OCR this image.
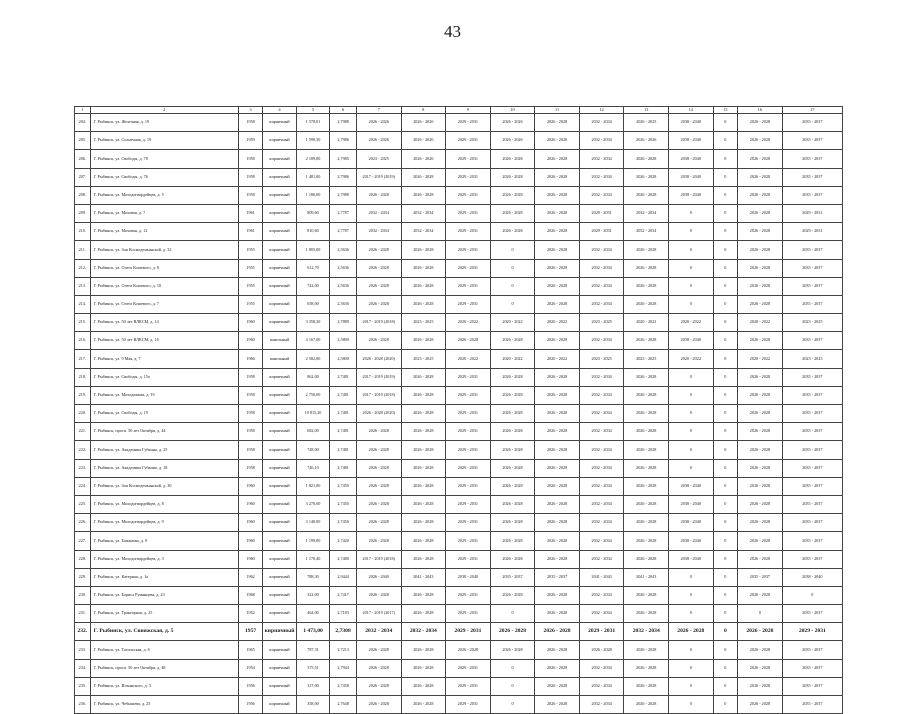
43
1	2	3	4	5	6	7	8	9	10	11	12	13	14	15	16	17
204.	Г. Рыбинск, ул. Железная, д. 19	1958	кирпичный	1 578,01	2,7988	2026 - 2026	2026 - 2026	2029 - 2031	2026 - 2026	2026 - 2028	2032 - 2034	2026 - 2025	2038 - 2040	0	2026 - 2028	2035 - 2037
205.	Г. Рыбинск, ул. Солнечная, д. 19	1959	кирпичный	1 590,50	2,7986	2026 - 2026	2026 - 2026	2029 - 2031	2026 - 2026	2026 - 2026	2032 - 2034	2026 - 2026	2038 - 2040	0	2026 - 2028	2035 - 2037
206.	Г. Рыбинск, ул. Свободы, д. 78	1958	кирпичный	2 189,00	2,7985	2023 - 2025	2026 - 2026	2029 - 2031	2026 - 2028	2026 - 2028	2032 - 2034	2026 - 2028	2038 - 2040	0	2026 - 2028	2035 - 2037
207.	Г. Рыбинск, ул. Свободы, д. 76	1958	кирпичный	1 481,00	2,7986	2017 - 2019 (2019)	2026 - 2028	2029 - 2031	2026 - 2028	2026 - 2028	2032 - 2034	2026 - 2028	2038 - 2040	0	2026 - 2028	2035 - 2037
208.	Г. Рыбинск, ул. Молодогвардейцев, д. 5	1958	кирпичный	1 186,00	2,7988	2026 - 2028	2026 - 2028	2029 - 2031	2026 - 2028	2026 - 2028	2032 - 2034	2026 - 2028	2038 - 2040	0	2026 - 2028	2035 - 2037
209.	Г. Рыбинск, ул. Моховая, д. 7	1961	кирпичный	809,60	2,7787	2032 - 2034	2032 - 2034	2029 - 2031	2026 - 2028	2026 - 2028	2029 - 2031	2032 - 2034	0	0	2026 - 2028	2029 - 2031
210.	Г. Рыбинск, ул. Моховая, д. 12	1961	кирпичный	810,60	2,7787	2032 - 2034	2032 - 2034	2029 - 2031	2026 - 2028	2026 - 2028	2029 - 2031	2032 - 2034	0	0	2026 - 2028	2029 - 2031
211.	Г. Рыбинск, ул. Зои Космодемьянской, д. 32	1955	кирпичный	1 805,00	2,5636	2026 - 2028	2026 - 2028	2029 - 2031	0	2026 - 2028	2032 - 2034	2026 - 2028	0	0	2026 - 2028	2035 - 2037
212.	Г. Рыбинск, ул. Олега Кошевого, д. 8	1955	кирпичный	612,70	2,5636	2026 - 2028	2026 - 2028	2029 - 2031	0	2026 - 2028	2032 - 2034	2026 - 2028	0	0	2026 - 2028	2035 - 2037
213.	Г. Рыбинск, ул. Олега Кошевого, д. 10	1955	кирпичный	742,00	2,5636	2026 - 2028	2026 - 2028	2029 - 2031	0	2026 - 2028	2032 - 2034	2026 - 2028	0	0	2026 - 2028	2035 - 2037
214.	Г. Рыбинск, ул. Олега Кошевого, д. 7	1955	кирпичный	658,00	2,5636	2026 - 2028	2026 - 2028	2029 - 2031	0	2026 - 2028	2032 - 2034	2026 - 2028	0	0	2026 - 2028	2035 - 2037
215.	Г. Рыбинск, ул. 50 лет ВЛКСМ, д. 14	1960	кирпичный	3 358,20	2,7889	2017 - 2019 (2018)	2023 - 2025	2020 - 2022	2020 - 2022	2020 - 2022	2023 - 2025	2020 - 2022	2020 - 2022	0	2020 - 2022	2023 - 2025
216.	Г. Рыбинск, ул. 50 лет ВЛКСМ, д. 16	1960	панельный	3 167,00	2,5800	2026 - 2028	2026 - 2028	2026 - 2028	2026 - 2028	2026 - 2028	2032 - 2034	2026 - 2028	2038 - 2040	0	2026 - 2028	2035 - 2037
217.	Г. Рыбинск, ул. 9 Мая, д. 7	1966	панельный	2 582,00	2,5800	2026 - 2028 (2020)	2023 - 2025	2020 - 2022	2020 - 2022	2020 - 2022	2023 - 2025	2023 - 2025	2020 - 2022	0	2020 - 2022	2023 - 2025
218.	Г. Рыбинск, ул. Свободы, д. 15а	1958	кирпичный	862,00	2,7481	2017 - 2019 (2019)	2026 - 2028	2029 - 2031	2026 - 2028	2026 - 2028	2032 - 2034	2026 - 2028	0	0	2026 - 2028	2035 - 2037
219.	Г. Рыбинск, ул. Молодежная, д. 19	1958	кирпичный	2 750,00	2,7481	2017 - 2019 (2018)	2026 - 2028	2029 - 2031	2026 - 2028	2026 - 2028	2032 - 2034	2026 - 2028	0	0	2026 - 2028	2035 - 2037
220.	Г. Рыбинск, ул. Свободы, д. 19	1958	кирпичный	10 815,20	2,7481	2026 - 2028 (2020)	2026 - 2028	2029 - 2031	2026 - 2028	2026 - 2028	2032 - 2034	2026 - 2028	0	0	2026 - 2028	2035 - 2037
221.	Г. Рыбинск, просп. 50 лет Октября, д. 44	1958	кирпичный	682,00	2,7481	2026 - 2028	2026 - 2028	2029 - 2031	2026 - 2028	2026 - 2028	2032 - 2034	2026 - 2028	0	0	2026 - 2028	2035 - 2037
222.	Г. Рыбинск, ул. Академика Губкина, д. 25	1958	кирпичный	748,00	2,7481	2026 - 2028	2026 - 2028	2029 - 2031	2026 - 2028	2026 - 2028	2032 - 2034	2026 - 2028	0	0	2026 - 2028	2035 - 2037
223.	Г. Рыбинск, ул. Академика Губкина, д. 18	1958	кирпичный	746,10	2,7481	2026 - 2028	2026 - 2028	2029 - 2031	2026 - 2028	2026 - 2028	2032 - 2034	2026 - 2028	0	0	2026 - 2028	2035 - 2037
224.	Г. Рыбинск, ул. Зои Космодемьянской, д. 30	1960	кирпичный	1 821,00	2,7450	2026 - 2028	2026 - 2028	2029 - 2031	2026 - 2028	2026 - 2028	2032 - 2034	2026 - 2028	2038 - 2040	0	2026 - 2028	2035 - 2037
225.	Г. Рыбинск, ул. Молодогвардейцев, д. 8	1960	кирпичный	3 270,00	2,7450	2026 - 2028	2026 - 2028	2029 - 2031	2026 - 2028	2026 - 2028	2032 - 2034	2026 - 2028	2038 - 2040	0	2026 - 2028	2035 - 2037
226.	Г. Рыбинск, ул. Молодогвардейцев, д. 9	1960	кирпичный	3 140,00	2,7450	2026 - 2028	2026 - 2028	2029 - 2031	2026 - 2028	2026 - 2028	2032 - 2034	2026 - 2028	2038 - 2040	0	2026 - 2028	2035 - 2037
227.	Г. Рыбинск, ул. Бажанова, д. 9	1960	кирпичный	1 199,00	2,7420	2026 - 2028	2026 - 2028	2029 - 2031	2026 - 2028	2026 - 2028	2032 - 2034	2026 - 2028	2038 - 2040	0	2026 - 2028	2035 - 2037
228.	Г. Рыбинск, ул. Молодогвардейцев, д. 3	1960	кирпичный	1 170,40	2,7480	2017 - 2019 (2018)	2026 - 2028	2029 - 2031	2026 - 2028	2026 - 2028	2032 - 2034	2026 - 2028	2038 - 2040	0	2026 - 2028	2035 - 2037
229.	Г. Рыбинск, ул. Катерная, д. 1а	1962	кирпичный	788,30	2,9444	2026 - 2040	2041 - 2043	2038 - 2040	2035 - 2037	2035 - 2037	2041 - 2043	2041 - 2043	0	0	2035 - 2037	2038 - 2040
230.	Г. Рыбинск, ул. Бориса Румянцева, д. 23	1968	кирпичный	322,00	2,7417	2026 - 2028	2026 - 2028	2029 - 2031	2026 - 2028	2026 - 2028	2032 - 2034	2026 - 2028	0	0	2026 - 2028	0
231.	Г. Рыбинск, ул. Тракторная, д. 25	1952	кирпичный	464,00	2,7183	2017 - 2019 (2017)	2026 - 2028	2029 - 2031	0	2026 - 2028	2032 - 2034	2026 - 2028	0	0	0	2035 - 2037
232.	Г. Рыбинск, ул. Свияжская, д. 5	1957	кирпичный	1 473,00	2,7308	2032 - 2034	2032 - 2034	2029 - 2031	2026 - 2028	2026 - 2028	2029 - 2031	2032 - 2034	2026 - 2028	0	2026 - 2028	2029 - 2031
233.	Г. Рыбинск, ул. Тагильская, д. 6	1965	кирпичный	787,31	2,7213	2026 - 2028	2026 - 2028	2026 - 2028	2026 - 2028	2026 - 2028	2026 - 2028	2026 - 2028	0	0	2026 - 2028	2035 - 2037
234.	Г. Рыбинск, просп. 50 лет Октября, д. 48	1954	кирпичный	375,51	2,7944	2026 - 2028	2026 - 2028	2029 - 2031	0	2026 - 2028	2032 - 2034	2026 - 2028	0	0	2026 - 2028	2035 - 2037
235.	Г. Рыбинск, ул. Ильинского, д. 3	1956	кирпичный	317,00	2,7458	2026 - 2028	2026 - 2028	2029 - 2031	0	2026 - 2028	2032 - 2034	2026 - 2028	0	0	2026 - 2028	2035 - 2037
236.	Г. Рыбинск, ул. Чебышева, д. 25	1956	кирпичный	358,00	2,7648	2026 - 2028	2026 - 2028	2029 - 2031	0	2026 - 2028	2032 - 2034	2026 - 2028	0	0	2026 - 2028	2035 - 2037
